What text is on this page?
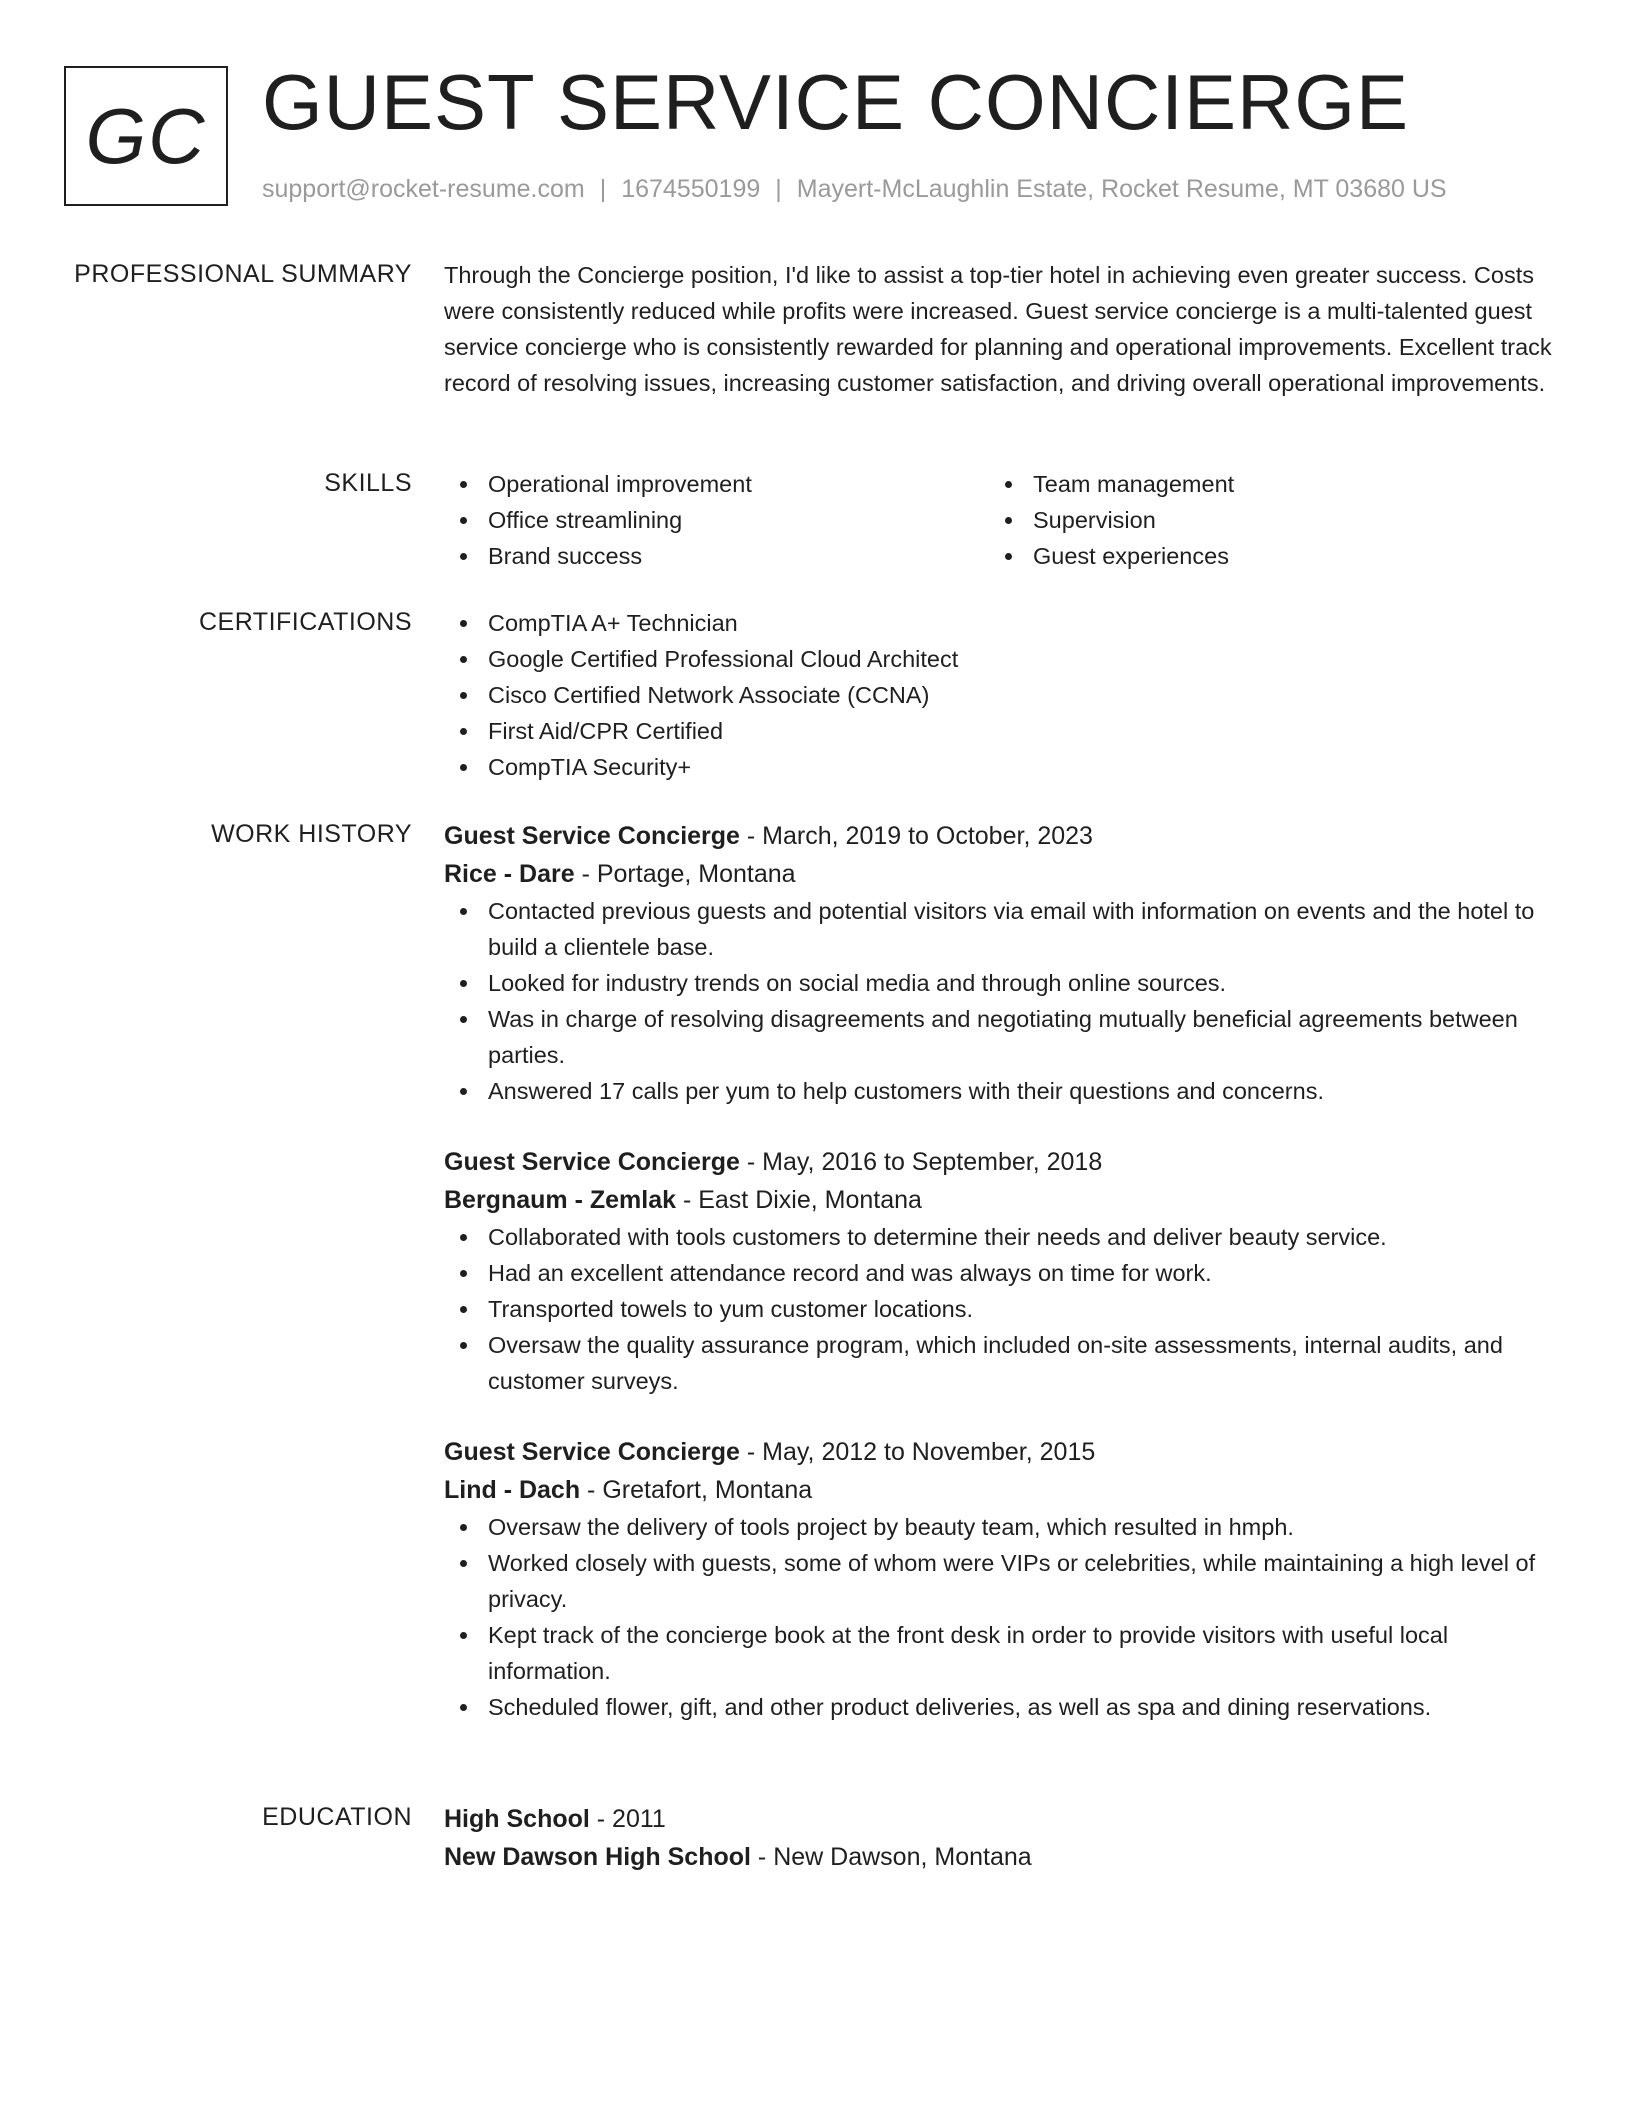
GC GUEST SERVICE CONCIERGE
support@rocket-resume.com | 1674550199 | Mayert-McLaughlin Estate, Rocket Resume, MT 03680 US
PROFESSIONAL SUMMARY Through the Concierge position, I'd like to assist a top-tier hotel in achieving even greater success. Costs were consistently reduced while profits were increased. Guest service concierge is a multi-talented guest service concierge who is consistently rewarded for planning and operational improvements. Excellent track record of resolving issues, increasing customer satisfaction, and driving overall operational improvements.

SKILLS	Operational improvement
Office streamlining
Brand success
Team management
Supervision
Guest experiences
CERTIFICATIONS	CompTIA A+ Technician
Google Certified Professional Cloud Architect
Cisco Certified Network Associate (CCNA)
First Aid/CPR Certified
CompTIA Security+
WORK HISTORY Guest Service Concierge - March, 2019 to October, 2023
Rice - Dare - Portage, Montana
Contacted previous guests and potential visitors via email with information on events and the hotel to build a clientele base.
Looked for industry trends on social media and through online sources.
Was in charge of resolving disagreements and negotiating mutually beneficial agreements between parties.
Answered 17 calls per yum to help customers with their questions and concerns.
Guest Service Concierge - May, 2016 to September, 2018
Bergnaum - Zemlak - East Dixie, Montana
Collaborated with tools customers to determine their needs and deliver beauty service.
Had an excellent attendance record and was always on time for work.
Transported towels to yum customer locations.
Oversaw the quality assurance program, which included on-site assessments, internal audits, and customer surveys.
Guest Service Concierge - May, 2012 to November, 2015
Lind - Dach - Gretafort, Montana
Oversaw the delivery of tools project by beauty team, which resulted in hmph.
Worked closely with guests, some of whom were VIPs or celebrities, while maintaining a high level of privacy.
Kept track of the concierge book at the front desk in order to provide visitors with useful local information.
Scheduled flower, gift, and other product deliveries, as well as spa and dining reservations.
EDUCATION High School - 2011
New Dawson High School - New Dawson, Montana
